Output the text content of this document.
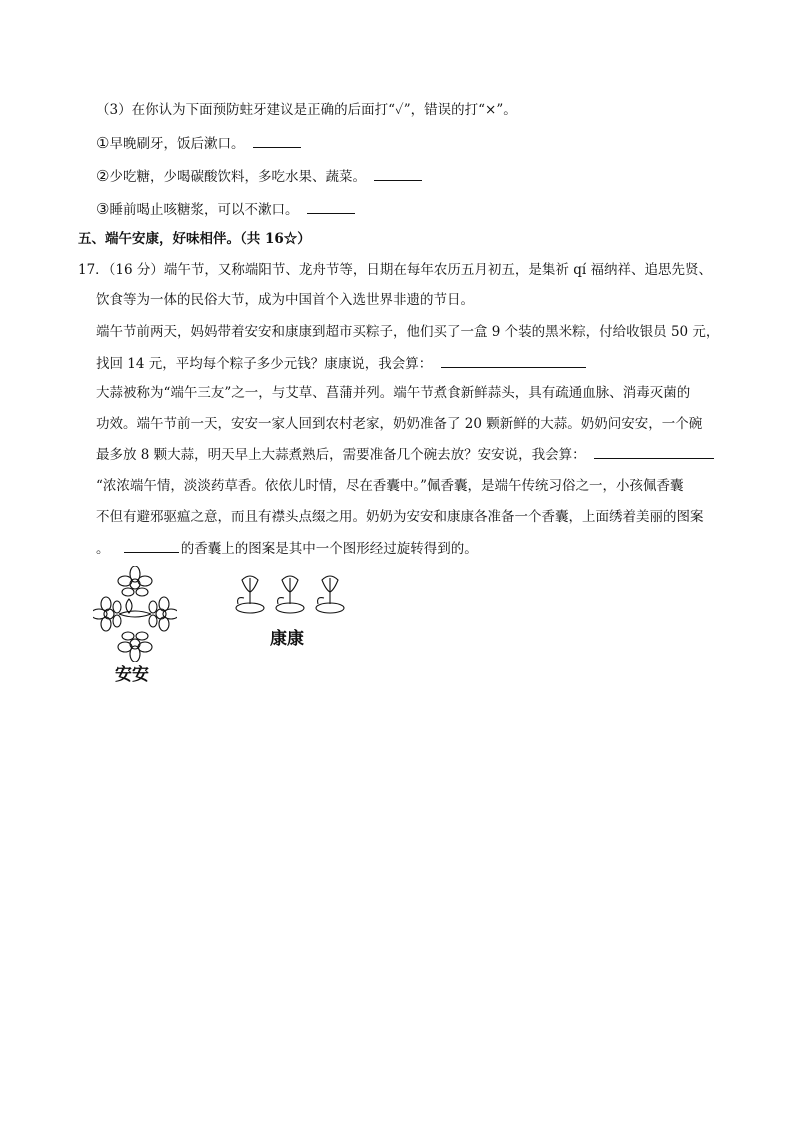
（3）在你认为下面预防蛀牙建议是正确的后面打“✓”，错误的打“×”。
①早晚刷牙，饭后漱口。
②少吃糖，少喝碳酸饮料，多吃水果、蔬菜。
③睡前喝止咳糖浆，可以不漱口。
五、端午安康，好味相伴。（共 16☆）
17．（16 分）端午节，又称端阳节、龙舟节等，日期在每年农历五月初五，是集祈 qí 福纳祥、追思先贤、
饮食等为一体的民俗大节，成为中国首个入选世界非遗的节日。
端午节前两天，妈妈带着安安和康康到超市买粽子，他们买了一盒 9 个装的黑米粽，付给收银员 50 元，
找回 14 元，平均每个粽子多少元钱？康康说，我会算：
大蒜被称为“端午三友”之一，与艾草、菖蒲并列。端午节煮食新鲜蒜头，具有疏通血脉、消毒灭菌的
功效。端午节前一天，安安一家人回到农村老家，奶奶准备了 20 颗新鲜的大蒜。奶奶问安安，一个碗
最多放 8 颗大蒜，明天早上大蒜煮熟后，需要准备几个碗去放？安安说，我会算：
“浓浓端午情，淡淡药草香。依依儿时情，尽在香囊中。”佩香囊，是端午传统习俗之一，小孩佩香囊
不但有避邪驱瘟之意，而且有襟头点缀之用。奶奶为安安和康康各准备一个香囊，上面绣着美丽的图案
。	的香囊上的图案是其中一个图形经过旋转得到的。
安安
康康
